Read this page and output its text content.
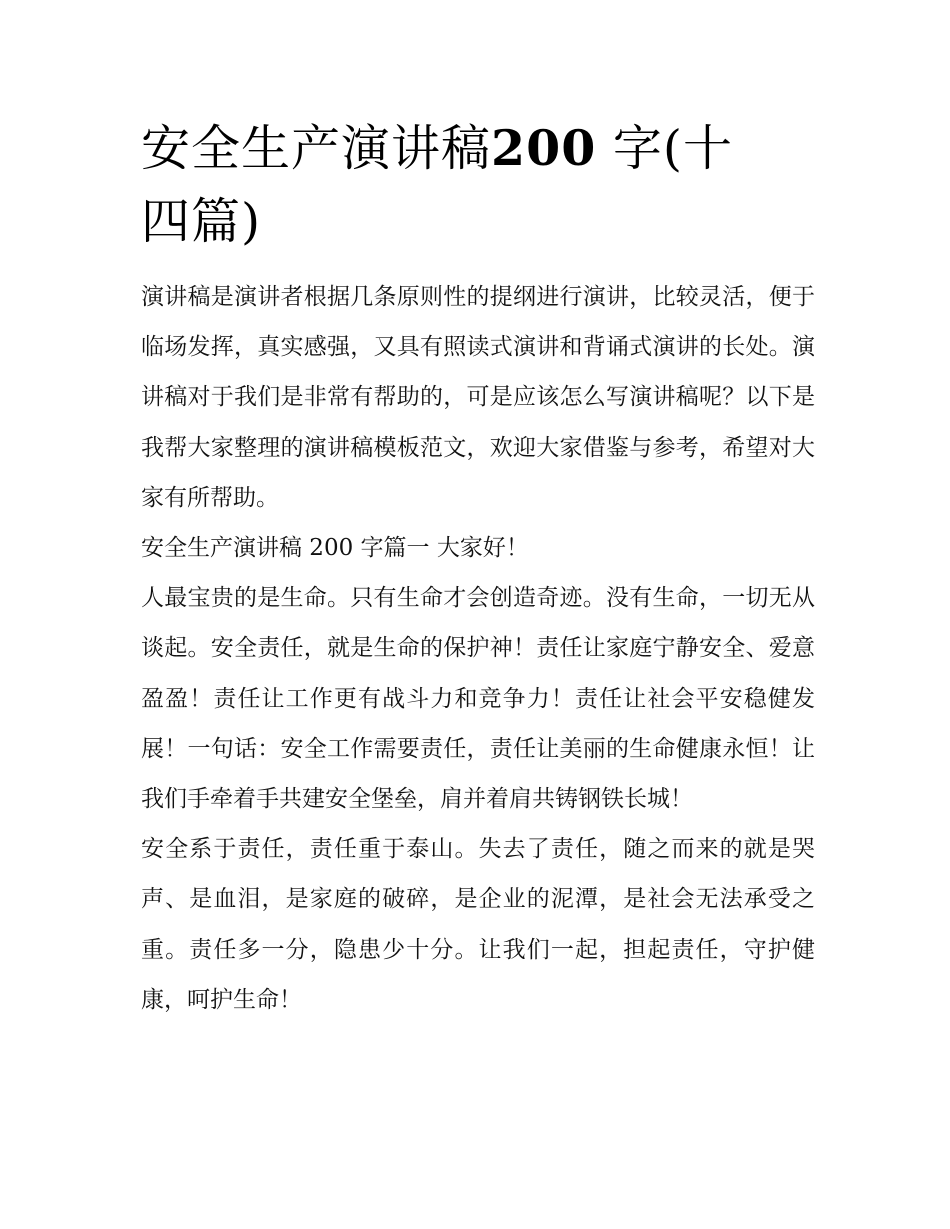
安全生产演讲稿200 字(十四篇)

演讲稿是演讲者根据几条原则性的提纲进行演讲，比较灵活，便于临场发挥，真实感强，又具有照读式演讲和背诵式演讲的长处。演讲稿对于我们是非常有帮助的，可是应该怎么写演讲稿呢？以下是我帮大家整理的演讲稿模板范文，欢迎大家借鉴与参考，希望对大家有所帮助。

安全生产演讲稿 200 字篇一 大家好！

人最宝贵的是生命。只有生命才会创造奇迹。没有生命，一切无从谈起。安全责任，就是生命的保护神！责任让家庭宁静安全、爱意盈盈！责任让工作更有战斗力和竞争力！责任让社会平安稳健发展！一句话：安全工作需要责任，责任让美丽的生命健康永恒！让我们手牵着手共建安全堡垒，肩并着肩共铸钢铁长城！

安全系于责任，责任重于泰山。失去了责任，随之而来的就是哭声、是血泪，是家庭的破碎，是企业的泥潭，是社会无法承受之重。责任多一分，隐患少十分。让我们一起，担起责任，守护健康，呵护生命！
